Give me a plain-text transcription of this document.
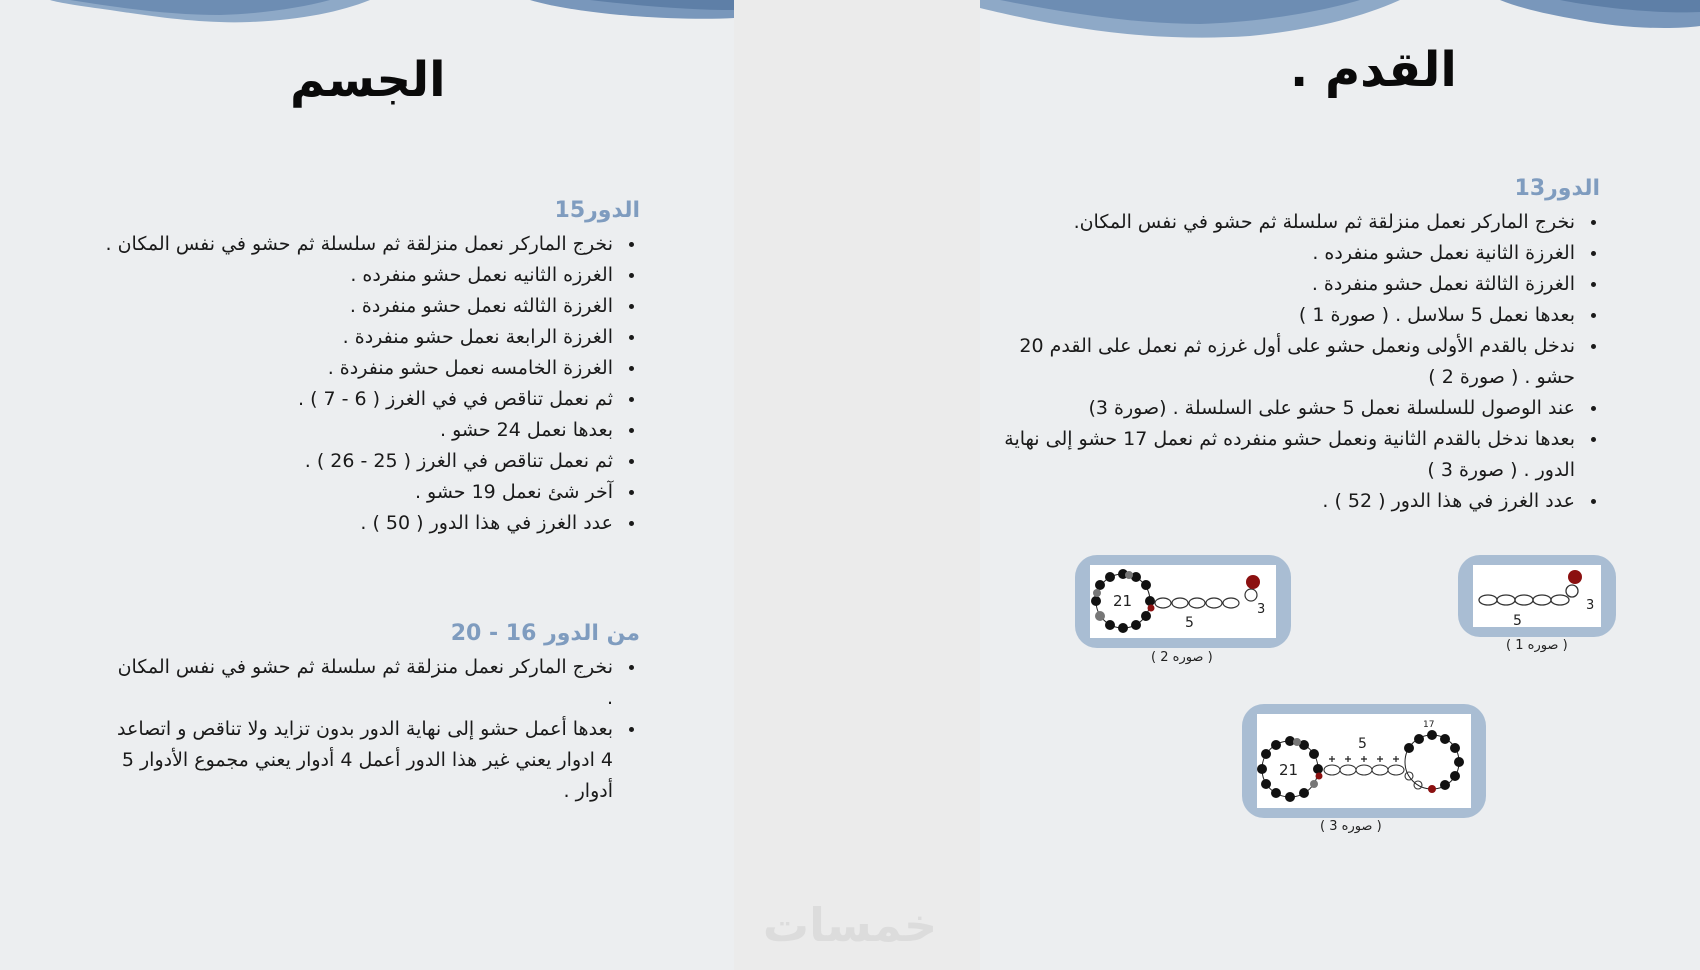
الجسم
الدور15
• نخرج الماركر نعمل منزلقة ثم سلسلة ثم حشو في نفس المكان .
• الغرزه الثانيه نعمل حشو منفرده .
• الغرزة الثالثه نعمل حشو منفردة .
• الغرزة الرابعة نعمل حشو منفردة .
• الغرزة الخامسه نعمل حشو منفردة .
• ثم نعمل تناقص في في الغرز ( 6 - 7 ) .
• بعدها نعمل 24 حشو .
• ثم نعمل تناقص في الغرز ( 25 - 26 ) .
• آخر شئ نعمل 19 حشو .
• عدد الغرز في هذا الدور ( 50 ) .
من الدور 16 - 20
• نخرج الماركر نعمل منزلقة ثم سلسلة ثم حشو في نفس المكان .
• بعدها أعمل حشو إلى نهاية الدور بدون تزايد ولا تناقص و اتصاعد 4 ادوار يعني غير هذا الدور أعمل 4 أدوار يعني مجموع الأدوار 5 أدوار .
القدم .
الدور13
• نخرج الماركر نعمل منزلقة ثم سلسلة ثم حشو في نفس المكان.
• الغرزة الثانية نعمل حشو منفرده .
• الغرزة الثالثة نعمل حشو منفردة .
• بعدها نعمل 5 سلاسل . ( صورة 1 )
• ندخل بالقدم الأولى ونعمل حشو على أول غرزه ثم نعمل على القدم 20 حشو . ( صورة 2 )
• عند الوصول للسلسلة نعمل 5 حشو على السلسلة . (صورة 3)
• بعدها ندخل بالقدم الثانية ونعمل حشو منفرده ثم نعمل 17 حشو إلى نهاية الدور . ( صورة 3 )
• عدد الغرز في هذا الدور ( 52 ) .
5
3
( صوره 1 )
21
5
3
( صوره 2 )
21
5
17
( صوره 3 )
خمسات
